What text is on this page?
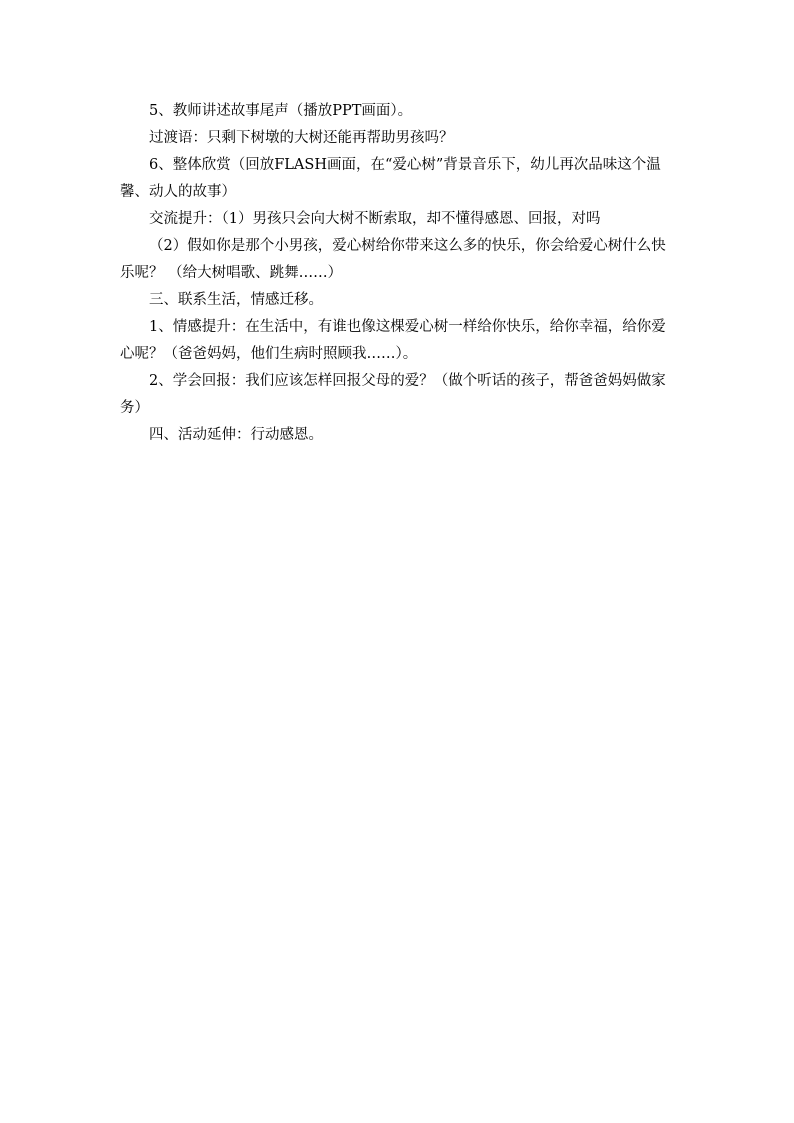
5、教师讲述故事尾声（播放PPT画面）。

过渡语：只剩下树墩的大树还能再帮助男孩吗？

6、整体欣赏（回放FLASH画面，在“爱心树”背景音乐下，幼儿再次品味这个温馨、动人的故事）

交流提升：（1）男孩只会向大树不断索取，却不懂得感恩、回报，对吗

（2）假如你是那个小男孩，爱心树给你带来这么多的快乐，你会给爱心树什么快乐呢？ （给大树唱歌、跳舞……）

三、联系生活，情感迁移。

1、情感提升：在生活中，有谁也像这棵爱心树一样给你快乐，给你幸福，给你爱心呢？（爸爸妈妈，他们生病时照顾我……）。

2、学会回报：我们应该怎样回报父母的爱？（做个听话的孩子，帮爸爸妈妈做家务）

四、活动延伸：行动感恩。
